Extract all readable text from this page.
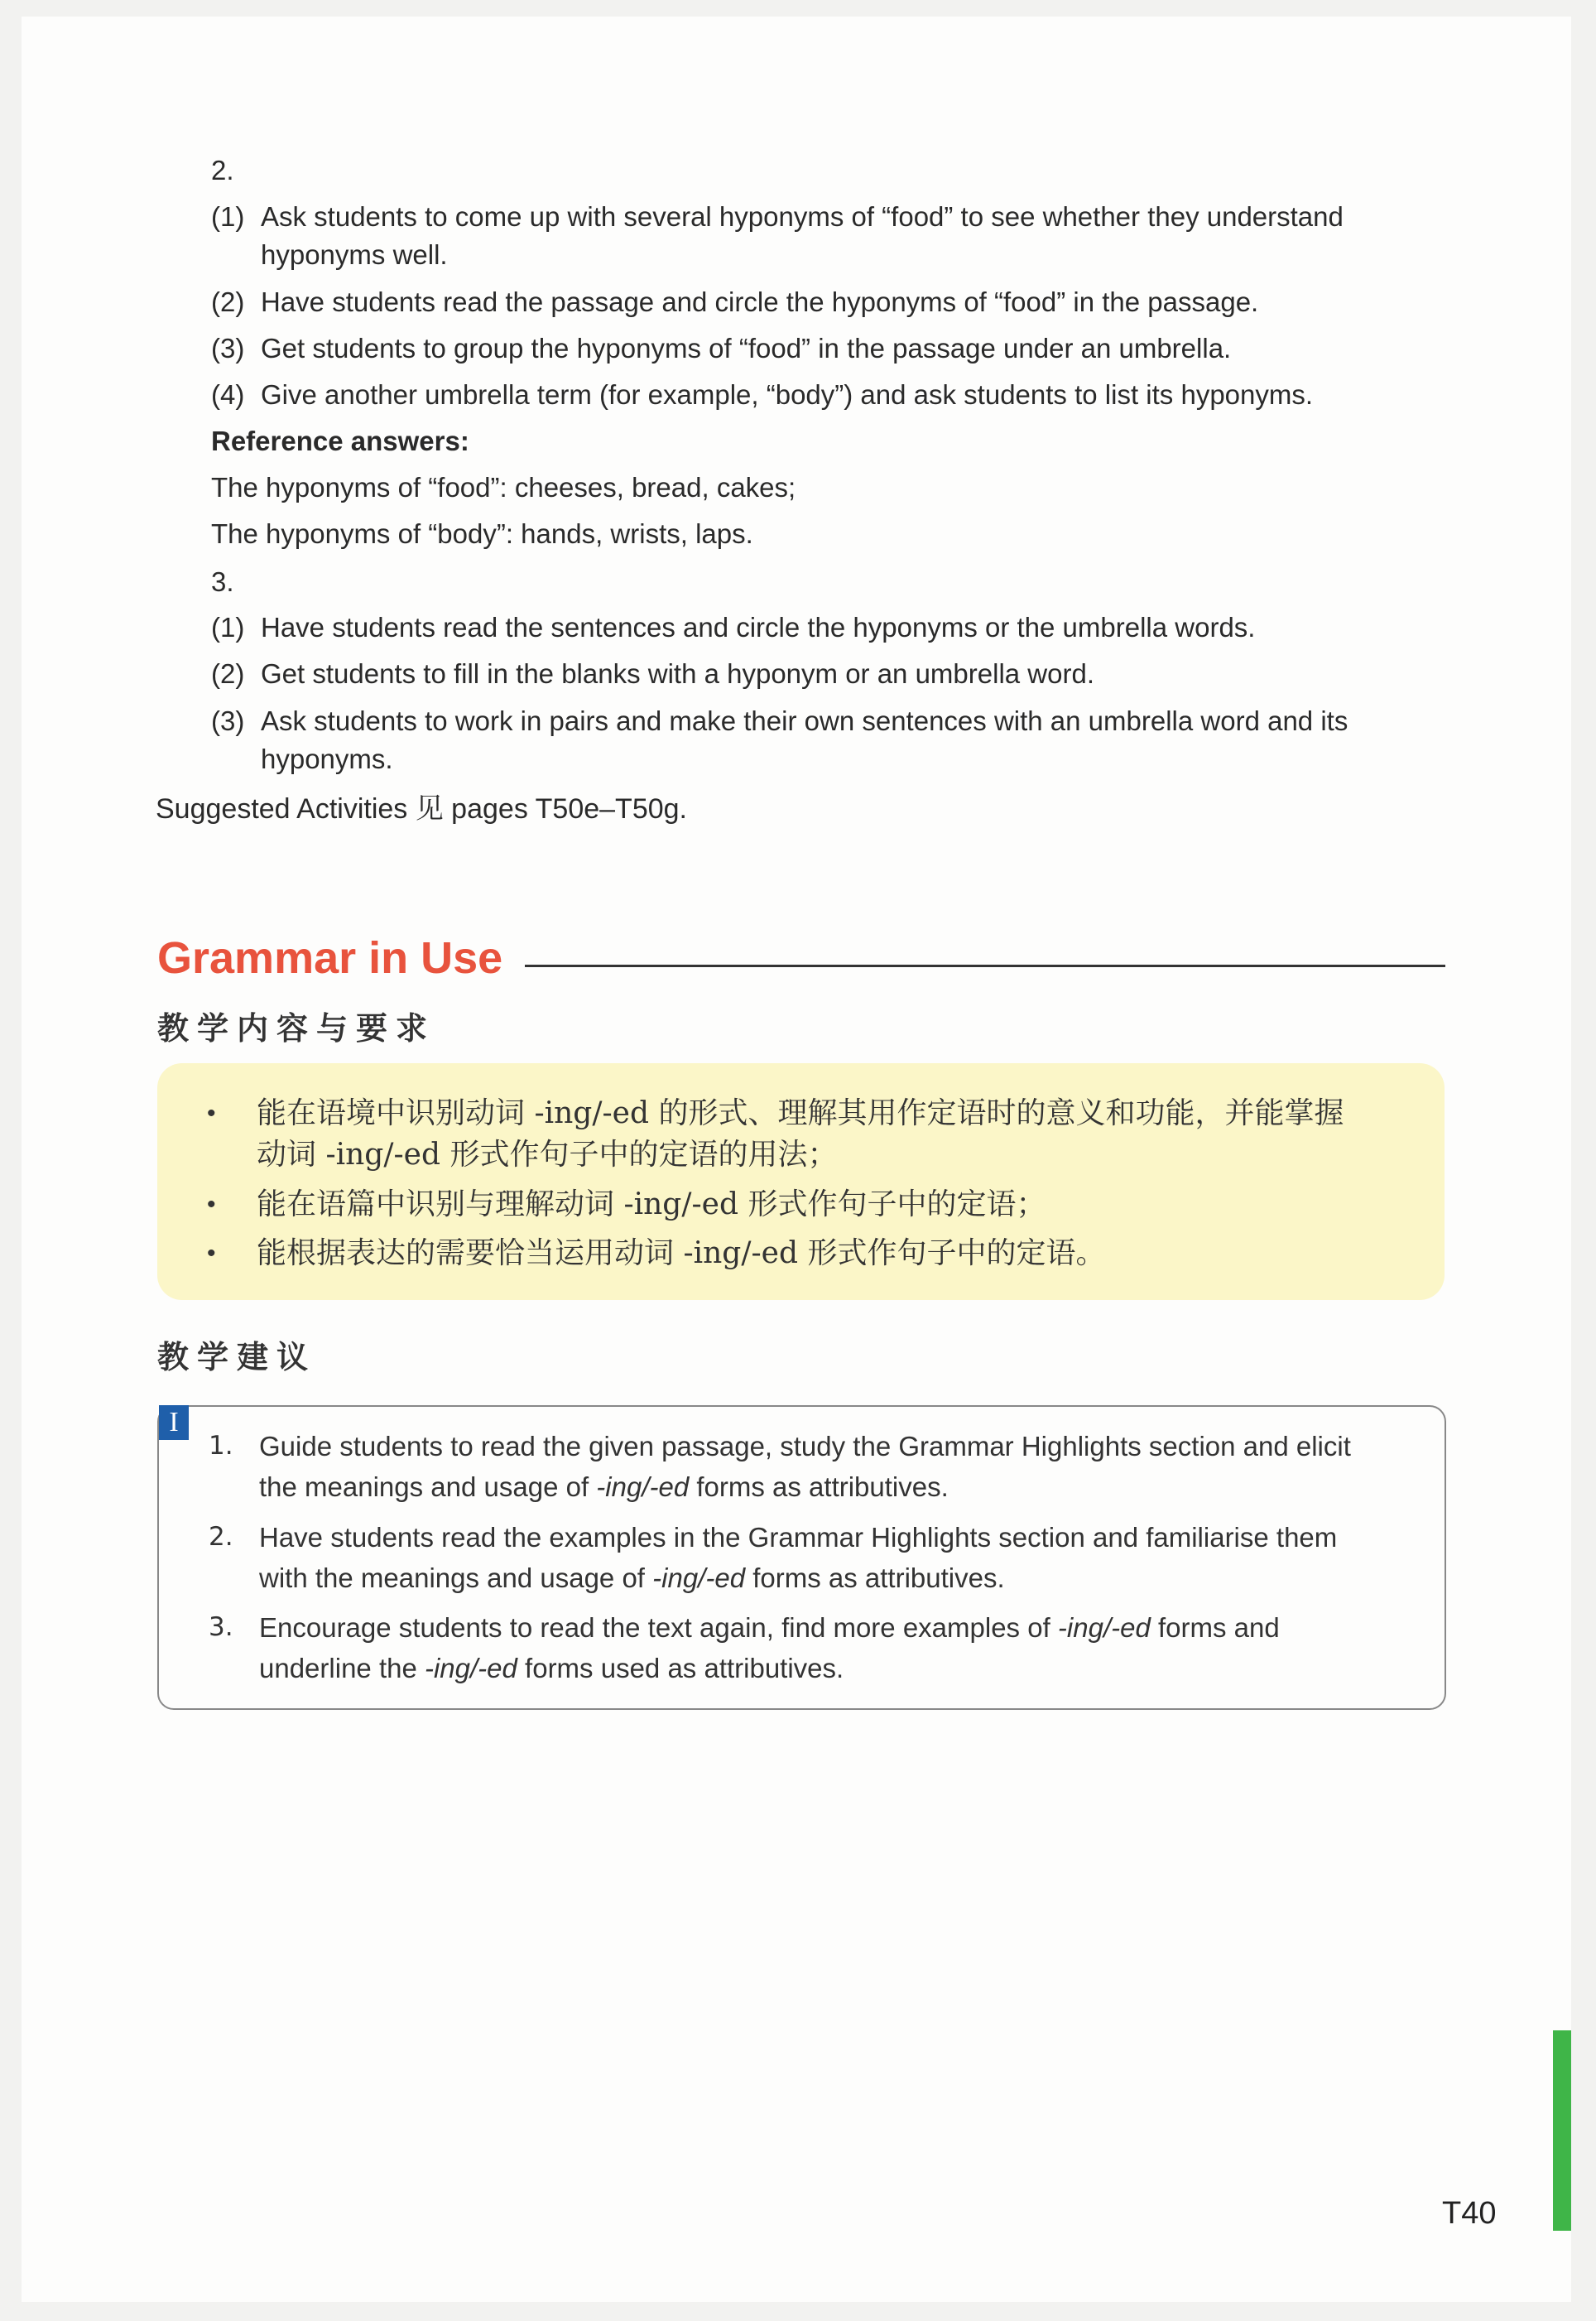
2.
(1) Ask students to come up with several hyponyms of “food” to see whether they understand
hyponyms well.
(2) Have students read the passage and circle the hyponyms of “food” in the passage.
(3) Get students to group the hyponyms of “food” in the passage under an umbrella.
(4) Give another umbrella term (for example, “body”) and ask students to list its hyponyms.
Reference answers:
The hyponyms of “food”: cheeses, bread, cakes;
The hyponyms of “body”: hands, wrists, laps.
3.
(1) Have students read the sentences and circle the hyponyms or the umbrella words.
(2) Get students to fill in the blanks with a hyponym or an umbrella word.
(3) Ask students to work in pairs and make their own sentences with an umbrella word and its
hyponyms.
Suggested Activities 见 pages T50e–T50g.
Grammar in Use
教学内容与要求
• 能在语境中识别动词 -ing/-ed 的形式、理解其用作定语时的意义和功能，并能掌握
动词 -ing/-ed 形式作句子中的定语的用法；
• 能在语篇中识别与理解动词 -ing/-ed 形式作句子中的定语；
• 能根据表达的需要恰当运用动词 -ing/-ed 形式作句子中的定语。
教学建议
I
1. Guide students to read the given passage, study the Grammar Highlights section and elicit
the meanings and usage of -ing/-ed forms as attributives.
2. Have students read the examples in the Grammar Highlights section and familiarise them
with the meanings and usage of -ing/-ed forms as attributives.
3. Encourage students to read the text again, find more examples of -ing/-ed forms and
underline the -ing/-ed forms used as attributives.
T40
